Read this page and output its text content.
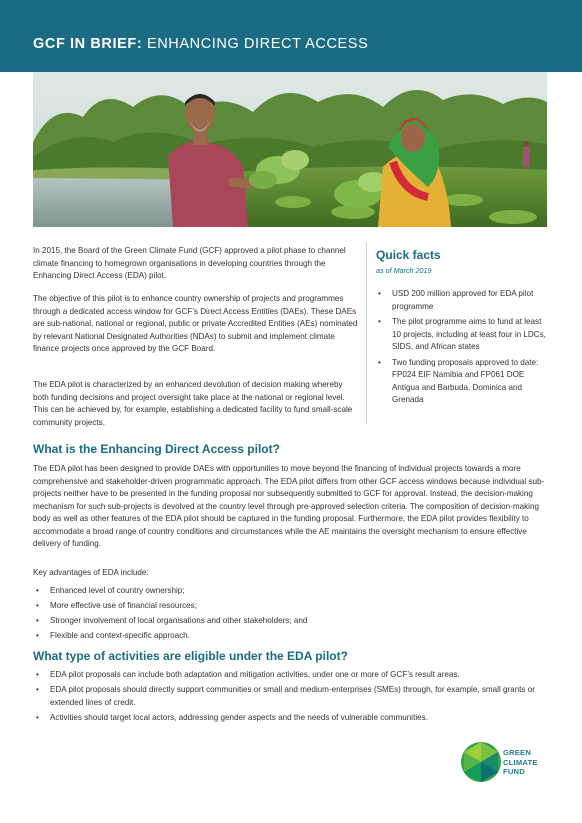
GCF IN BRIEF: ENHANCING DIRECT ACCESS

In 2015, the Board of the Green Climate Fund (GCF) approved a pilot phase to channel climate financing to homegrown organisations in developing countries through the Enhancing Direct Access (EDA) pilot.

The objective of this pilot is to enhance country ownership of projects and programmes through a dedicated access window for GCF’s Direct Access Entities (DAEs). These DAEs are sub-national, national or regional, public or private Accredited Entities (AEs) nominated by relevant National Designated Authorities (NDAs) to submit and implement climate finance projects once approved by the GCF Board.

The EDA pilot is characterized by an enhanced devolution of decision making whereby both funding decisions and project oversight take place at the national or regional level. This can be achieved by, for example, establishing a dedicated facility to fund small-scale community projects.

Quick facts
as of March 2019
• USD 200 million approved for EDA pilot programme
• The pilot programme aims to fund at least 10 projects, including at least four in LDCs, SIDS, and African states
• Two funding proposals approved to date: FP024 EIF Namibia and FP061 DOE Antigua and Barbuda, Dominica and Grenada
What is the Enhancing Direct Access pilot?

The EDA pilot has been designed to provide DAEs with opportunities to move beyond the financing of individual projects towards a more comprehensive and stakeholder-driven programmatic approach. The EDA pilot differs from other GCF access windows because individual sub-projects neither have to be presented in the funding proposal nor subsequently submitted to GCF for approval. Instead, the decision-making mechanism for such sub-projects is devolved at the country level through pre-approved selection criteria. The composition of decision-making body as well as other features of the EDA pilot should be captured in the funding proposal. Furthermore, the EDA pilot provides flexibility to accommodate a broad range of country conditions and circumstances while the AE maintains the oversight mechanism to ensure effective delivery of funding.

Key advantages of EDA include:

• Enhanced level of country ownership;
• More effective use of financial resources;
• Stronger involvement of local organisations and other stakeholders; and
• Flexible and context-specific approach.
What type of activities are eligible under the EDA pilot?
• EDA pilot proposals can include both adaptation and mitigation activities, under one or more of GCF’s result areas.
• EDA pilot proposals should directly support communities or small and medium-enterprises (SMEs) through, for example, small grants or extended lines of credit.
• Activities should target local actors, addressing gender aspects and the needs of vulnerable communities.
GREEN
CLIMATE
FUND
